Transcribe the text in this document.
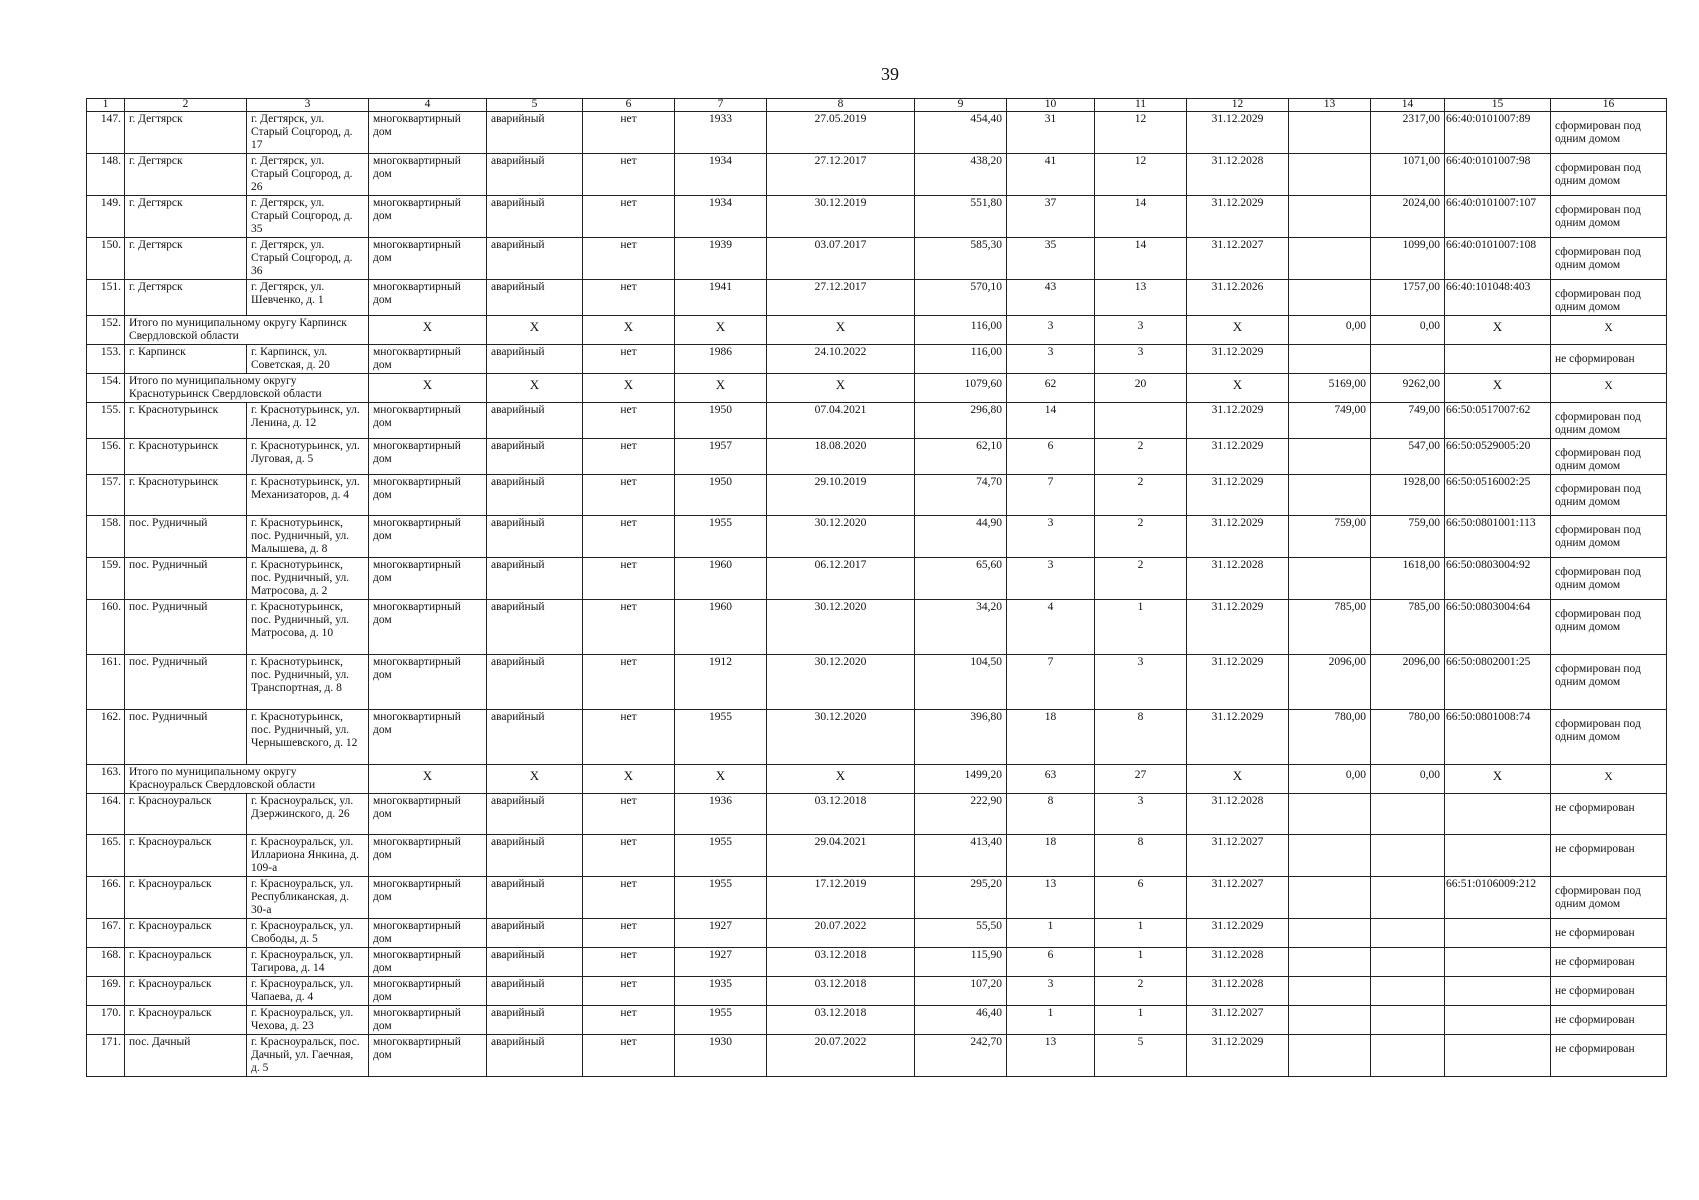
39
1	2	3	4	5	6	7	8	9	10	11	12	13	14	15	16
147.	г. Дегтярск	г. Дегтярск, ул. Старый Соцгород, д. 17	многоквартирный дом	аварийный	нет	1933	27.05.2019	454,40	31	12	31.12.2029		2317,00	66:40:0101007:89	сформирован под одним домом
148.	г. Дегтярск	г. Дегтярск, ул. Старый Соцгород, д. 26	многоквартирный дом	аварийный	нет	1934	27.12.2017	438,20	41	12	31.12.2028		1071,00	66:40:0101007:98	сформирован под одним домом
149.	г. Дегтярск	г. Дегтярск, ул. Старый Соцгород, д. 35	многоквартирный дом	аварийный	нет	1934	30.12.2019	551,80	37	14	31.12.2029		2024,00	66:40:0101007:107	сформирован под одним домом
150.	г. Дегтярск	г. Дегтярск, ул. Старый Соцгород, д. 36	многоквартирный дом	аварийный	нет	1939	03.07.2017	585,30	35	14	31.12.2027		1099,00	66:40:0101007:108	сформирован под одним домом
151.	г. Дегтярск	г. Дегтярск, ул. Шевченко, д. 1	многоквартирный дом	аварийный	нет	1941	27.12.2017	570,10	43	13	31.12.2026		1757,00	66:40:101048:403	сформирован под одним домом
152.	Итого по муниципальному округу Карпинск Свердловской области		X	X	X	X	X	116,00	3	3	X	0,00	0,00	X	X
153.	г. Карпинск	г. Карпинск, ул. Советская, д. 20	многоквартирный дом	аварийный	нет	1986	24.10.2022	116,00	3	3	31.12.2029				не сформирован
154.	Итого по муниципальному округу Краснотурьинск Свердловской области		X	X	X	X	X	1079,60	62	20	X	5169,00	9262,00	X	X
155.	г. Краснотурьинск	г. Краснотурьинск, ул. Ленина, д. 12	многоквартирный дом	аварийный	нет	1950	07.04.2021	296,80	14		31.12.2029	749,00	749,00	66:50:0517007:62	сформирован под одним домом
156.	г. Краснотурьинск	г. Краснотурьинск, ул. Луговая, д. 5	многоквартирный дом	аварийный	нет	1957	18.08.2020	62,10	6	2	31.12.2029		547,00	66:50:0529005:20	сформирован под одним домом
157.	г. Краснотурьинск	г. Краснотурьинск, ул. Механизаторов, д. 4	многоквартирный дом	аварийный	нет	1950	29.10.2019	74,70	7	2	31.12.2029		1928,00	66:50:0516002:25	сформирован под одним домом
158.	пос. Рудничный	г. Краснотурьинск, пос. Рудничный, ул. Малышева, д. 8	многоквартирный дом	аварийный	нет	1955	30.12.2020	44,90	3	2	31.12.2029	759,00	759,00	66:50:0801001:113	сформирован под одним домом
159.	пос. Рудничный	г. Краснотурьинск, пос. Рудничный, ул. Матросова, д. 2	многоквартирный дом	аварийный	нет	1960	06.12.2017	65,60	3	2	31.12.2028		1618,00	66:50:0803004:92	сформирован под одним домом
160.	пос. Рудничный	г. Краснотурьинск, пос. Рудничный, ул. Матросова, д. 10	многоквартирный дом	аварийный	нет	1960	30.12.2020	34,20	4	1	31.12.2029	785,00	785,00	66:50:0803004:64	сформирован под одним домом
161.	пос. Рудничный	г. Краснотурьинск, пос. Рудничный, ул. Транспортная, д. 8	многоквартирный дом	аварийный	нет	1912	30.12.2020	104,50	7	3	31.12.2029	2096,00	2096,00	66:50:0802001:25	сформирован под одним домом
162.	пос. Рудничный	г. Краснотурьинск, пос. Рудничный, ул. Чернышевского, д. 12	многоквартирный дом	аварийный	нет	1955	30.12.2020	396,80	18	8	31.12.2029	780,00	780,00	66:50:0801008:74	сформирован под одним домом
163.	Итого по муниципальному округу Красноуральск Свердловской области		X	X	X	X	X	1499,20	63	27	X	0,00	0,00	X	X
164.	г. Красноуральск	г. Красноуральск, ул. Дзержинского, д. 26	многоквартирный дом	аварийный	нет	1936	03.12.2018	222,90	8	3	31.12.2028				не сформирован
165.	г. Красноуральск	г. Красноуральск, ул. Иллариона Янкина, д. 109-а	многоквартирный дом	аварийный	нет	1955	29.04.2021	413,40	18	8	31.12.2027				не сформирован
166.	г. Красноуральск	г. Красноуральск, ул. Республиканская, д. 30-а	многоквартирный дом	аварийный	нет	1955	17.12.2019	295,20	13	6	31.12.2027			66:51:0106009:212	сформирован под одним домом
167.	г. Красноуральск	г. Красноуральск, ул. Свободы, д. 5	многоквартирный дом	аварийный	нет	1927	20.07.2022	55,50	1	1	31.12.2029				не сформирован
168.	г. Красноуральск	г. Красноуральск, ул. Тагирова, д. 14	многоквартирный дом	аварийный	нет	1927	03.12.2018	115,90	6	1	31.12.2028				не сформирован
169.	г. Красноуральск	г. Красноуральск, ул. Чапаева, д. 4	многоквартирный дом	аварийный	нет	1935	03.12.2018	107,20	3	2	31.12.2028				не сформирован
170.	г. Красноуральск	г. Красноуральск, ул. Чехова, д. 23	многоквартирный дом	аварийный	нет	1955	03.12.2018	46,40	1	1	31.12.2027				не сформирован
171.	пос. Дачный	г. Красноуральск, пос. Дачный, ул. Гаечная, д. 5	многоквартирный дом	аварийный	нет	1930	20.07.2022	242,70	13	5	31.12.2029				не сформирован
